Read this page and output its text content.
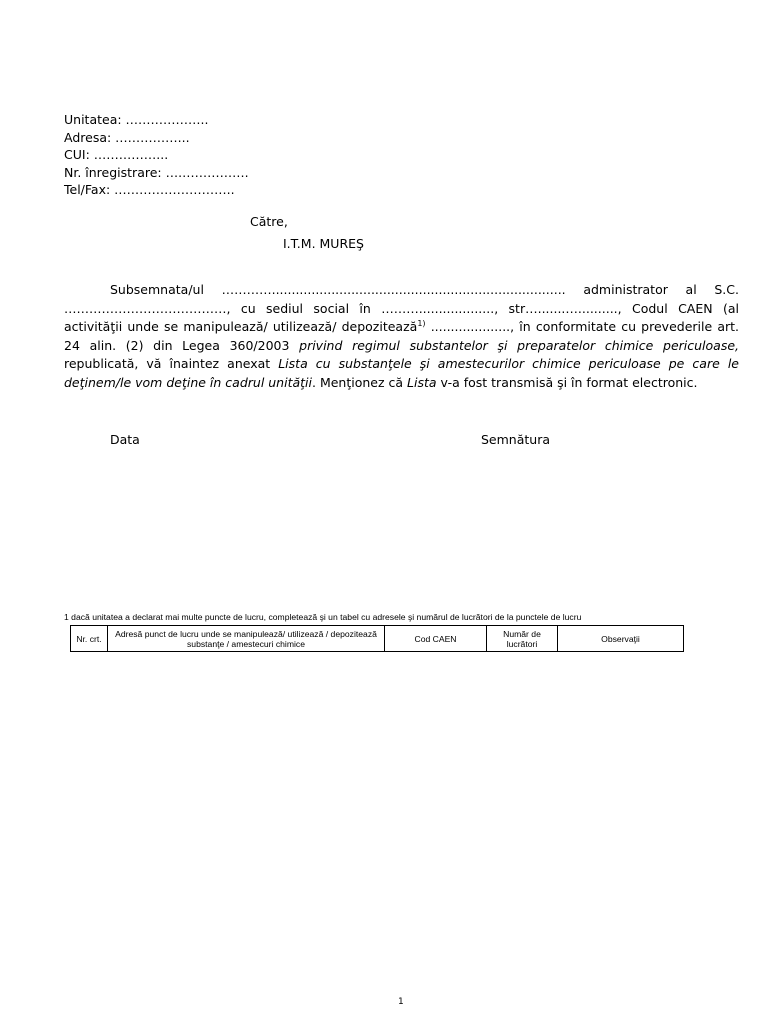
Unitatea: ………………..
Adresa: ……………...
CUI: ……………...
Nr. înregistrare: ….…………….
Tel/Fax: ………………………..
Către,
I.T.M. MUREŞ
Subsemnata/ul ………….......................................................................... administrator al S.C. …………………………………, cu sediul social în ………..................., str….......….........., Codul CAEN (al activităţii unde se manipulează/ utilizează/ depozitează$^{1)}$ ...................., în conformitate cu prevederile art. 24 alin. (2) din Legea 360/2003 privind regimul substantelor şi preparatelor chimice periculoase, republicată, vă înaintez anexat Lista cu substanţele şi amestecurilor chimice periculoase pe care le deţinem/le vom deţine în cadrul unităţii. Menţionez că Lista v-a fost transmisă şi în format electronic.
Data	Semnătura
1 dacă unitatea a declarat mai multe puncte de lucru, completează şi un tabel cu adresele şi numărul de lucrători de la punctele de lucru
Nr. crt.	Adresă punct de lucru unde se manipulează/ utilizează / depozitează substanţe / amestecuri chimice	Cod CAEN	Număr de lucrători	Observaţii
1
